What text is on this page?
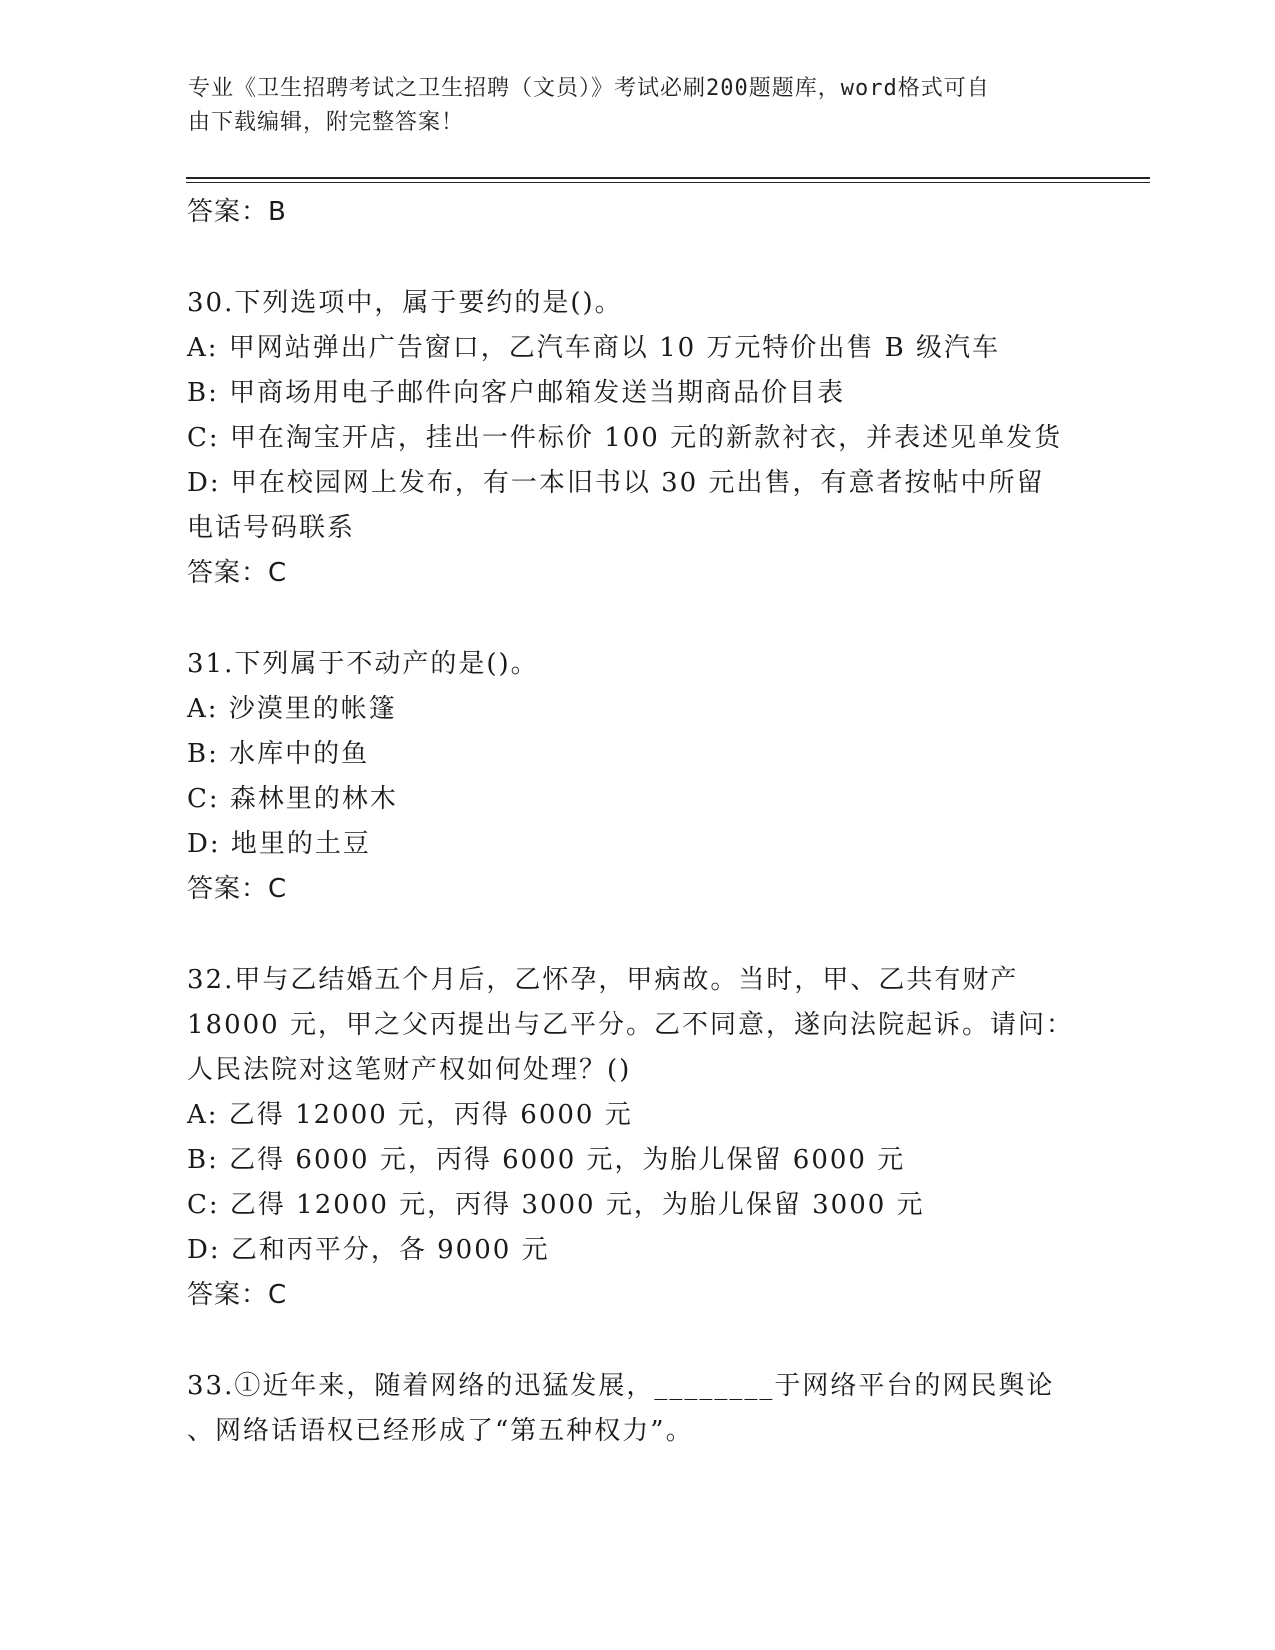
专业《卫生招聘考试之卫生招聘（文员）》考试必刷200题题库，word格式可自
由下载编辑，附完整答案！
答案：B
30.下列选项中，属于要约的是()。
A: 甲网站弹出广告窗口，乙汽车商以 10 万元特价出售 B 级汽车
B: 甲商场用电子邮件向客户邮箱发送当期商品价目表
C: 甲在淘宝开店，挂出一件标价 100 元的新款衬衣，并表述见单发货
D: 甲在校园网上发布，有一本旧书以 30 元出售，有意者按帖中所留
电话号码联系
答案：C
31.下列属于不动产的是()。
A: 沙漠里的帐篷
B: 水库中的鱼
C: 森林里的林木
D: 地里的土豆
答案：C
32.甲与乙结婚五个月后，乙怀孕，甲病故。当时，甲、乙共有财产
18000 元，甲之父丙提出与乙平分。乙不同意，遂向法院起诉。请问：
人民法院对这笔财产权如何处理？()
A: 乙得 12000 元，丙得 6000 元
B: 乙得 6000 元，丙得 6000 元，为胎儿保留 6000 元
C: 乙得 12000 元，丙得 3000 元，为胎儿保留 3000 元
D: 乙和丙平分，各 9000 元
答案：C
33.①近年来，随着网络的迅猛发展，________于网络平台的网民舆论
、网络话语权已经形成了“第五种权力”。
